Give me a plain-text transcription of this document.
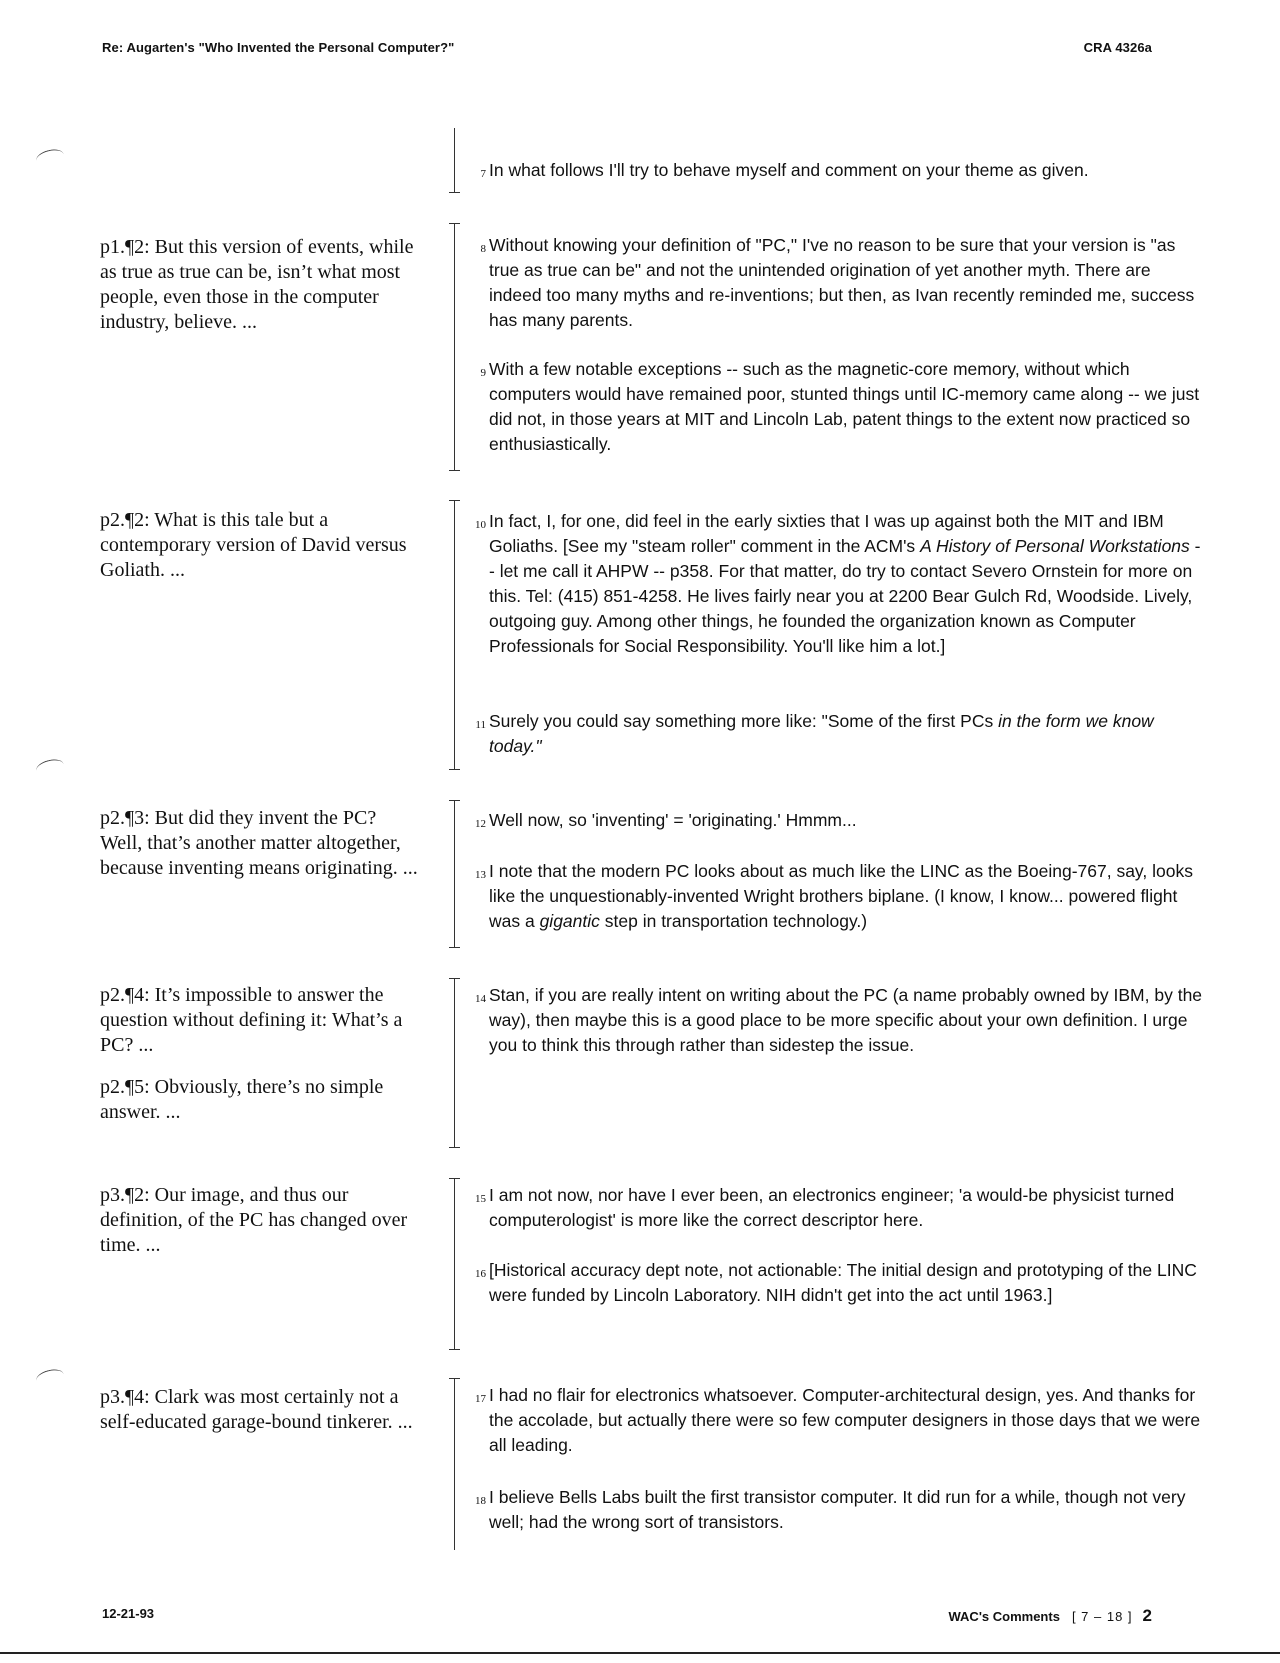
Re: Augarten's "Who Invented the Personal Computer?"	CRA 4326a

p1.¶2: But this version of events, while as true as true can be, isn’t what most people, even those in the computer industry, believe. ...

p2.¶2: What is this tale but a contemporary version of David versus Goliath. ...

p2.¶3: But did they invent the PC? Well, that’s another matter altogether, because inventing means originating. ...

p2.¶4: It’s impossible to answer the question without defining it: What’s a PC? ...

p2.¶5: Obviously, there’s no simple answer. ...

p3.¶2: Our image, and thus our definition, of the PC has changed over time. ...

p3.¶4: Clark was most certainly not a self-educated garage-bound tinkerer. ...

7 In what follows I'll try to behave myself and comment on your theme as given.
8 Without knowing your definition of "PC," I've no reason to be sure that your version is "as true as true can be" and not the unintended origination of yet another myth. There are indeed too many myths and re-inventions; but then, as Ivan recently reminded me, success has many parents.
9 With a few notable exceptions -- such as the magnetic-core memory, without which computers would have remained poor, stunted things until IC-memory came along -- we just did not, in those years at MIT and Lincoln Lab, patent things to the extent now practiced so enthusiastically.
10 In fact, I, for one, did feel in the early sixties that I was up against both the MIT and IBM Goliaths. [See my "steam roller" comment in the ACM's A History of Personal Workstations -- let me call it AHPW -- p358. For that matter, do try to contact Severo Ornstein for more on this. Tel: (415) 851-4258. He lives fairly near you at 2200 Bear Gulch Rd, Woodside. Lively, outgoing guy. Among other things, he founded the organization known as Computer Professionals for Social Responsibility. You'll like him a lot.]
11 Surely you could say something more like: "Some of the first PCs in the form we know today."
12 Well now, so 'inventing' = 'originating.' Hmmm...
13 I note that the modern PC looks about as much like the LINC as the Boeing-767, say, looks like the unquestionably-invented Wright brothers biplane. (I know, I know... powered flight was a gigantic step in transportation technology.)
14 Stan, if you are really intent on writing about the PC (a name probably owned by IBM, by the way), then maybe this is a good place to be more specific about your own definition. I urge you to think this through rather than sidestep the issue.
15 I am not now, nor have I ever been, an electronics engineer; 'a would-be physicist turned computerologist' is more like the correct descriptor here.
16 [Historical accuracy dept note, not actionable: The initial design and prototyping of the LINC were funded by Lincoln Laboratory. NIH didn't get into the act until 1963.]
17 I had no flair for electronics whatsoever. Computer-architectural design, yes. And thanks for the accolade, but actually there were so few computer designers in those days that we were all leading.
18 I believe Bells Labs built the first transistor computer. It did run for a while, though not very well; had the wrong sort of transistors.
12-21-93	WAC's Comments [ 7 – 18 ] 2
